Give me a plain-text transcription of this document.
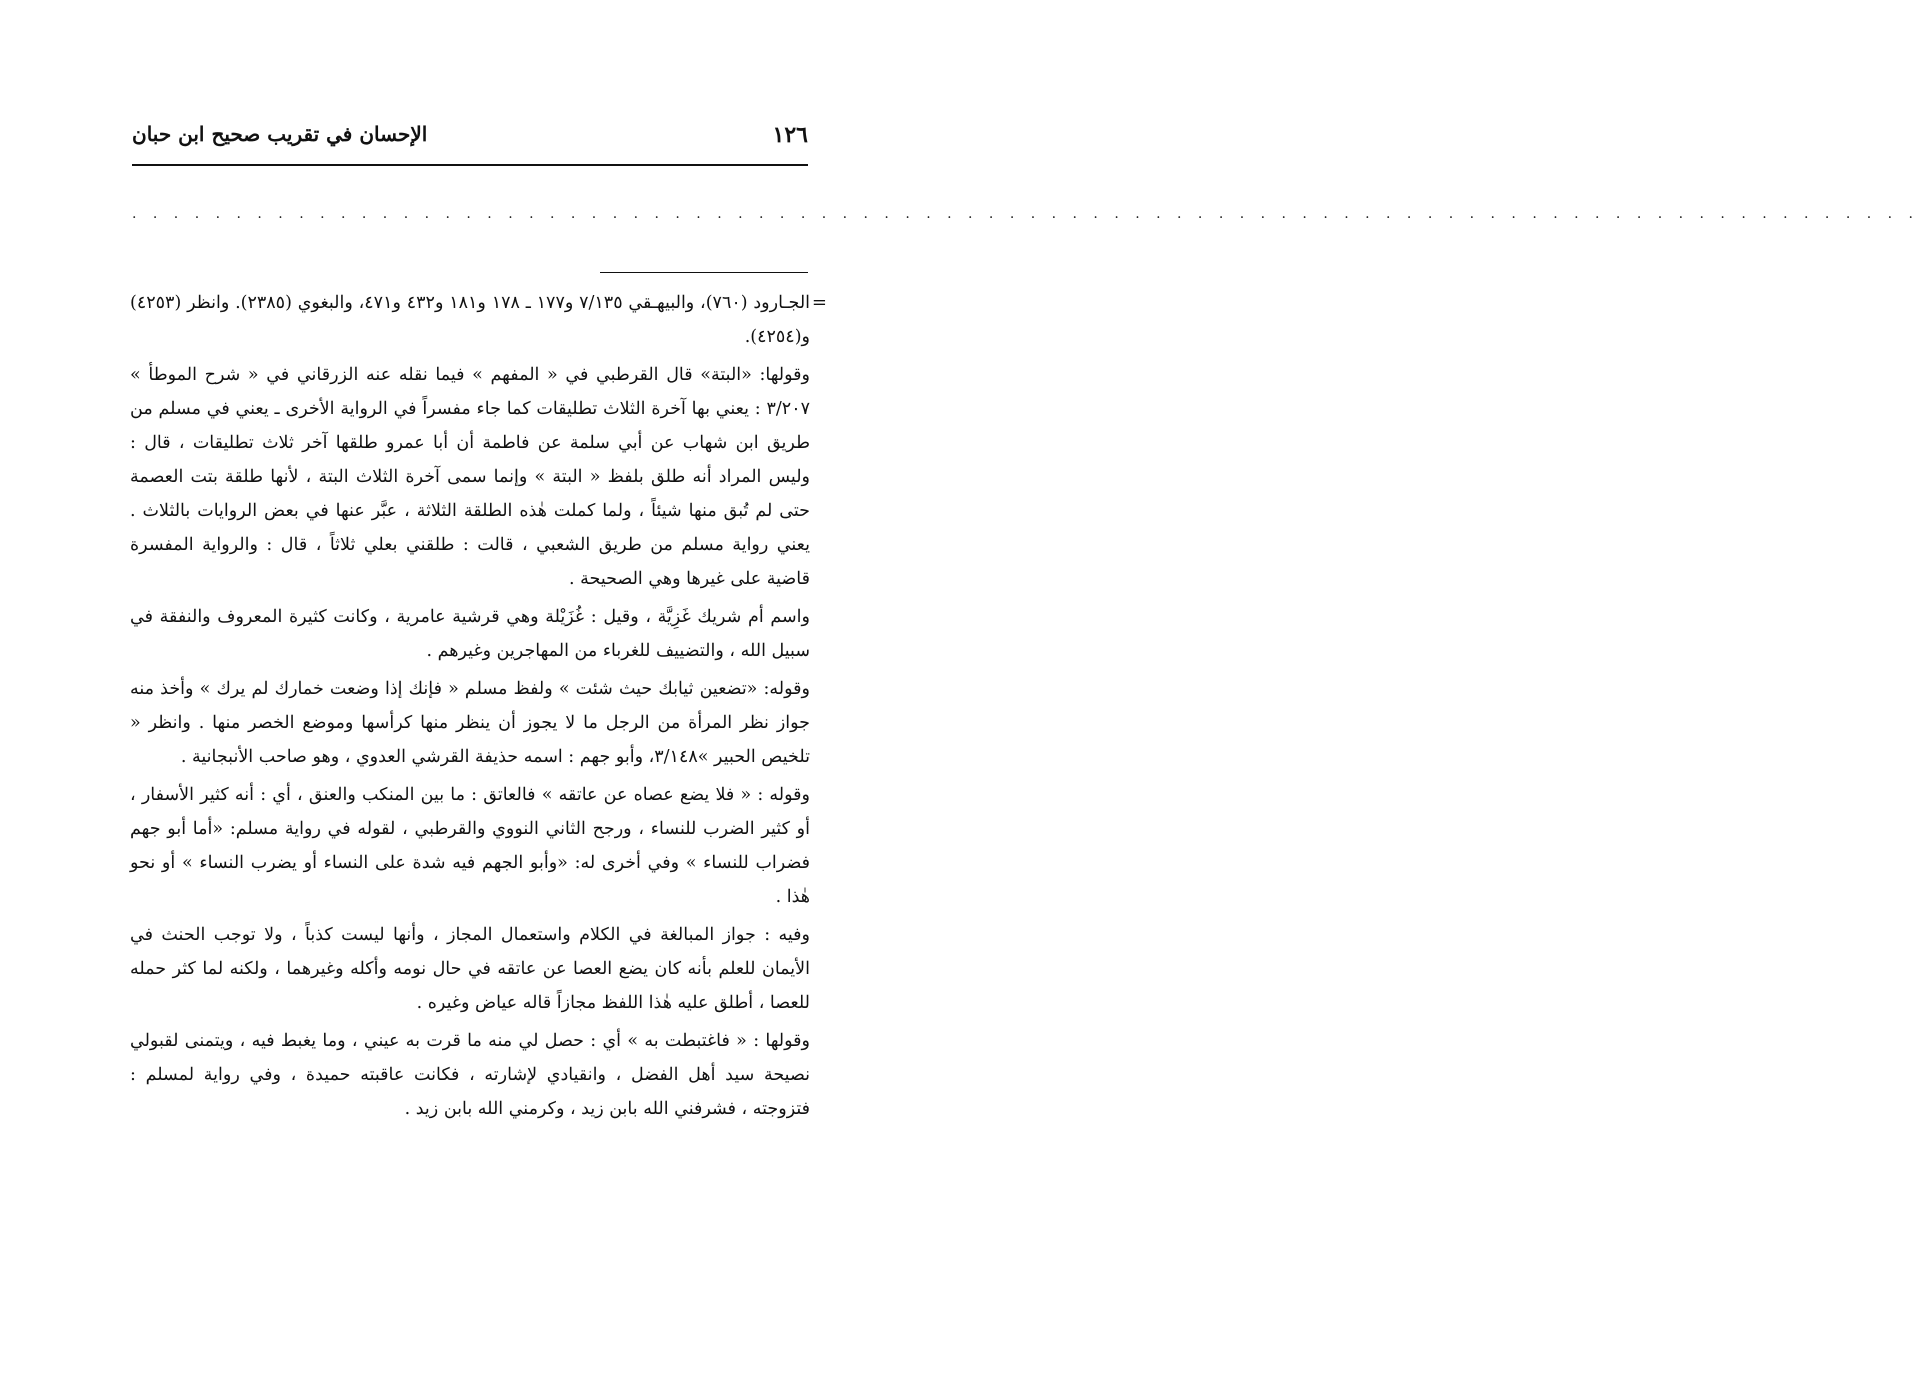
١٢٦
الإحسان في تقريب صحيح ابن حبان
. . . . . . . . . . . . . . . . . . . . . . . . . . . . . . . . . . . . . . . . . . . . . . . . . . . . . . . . . . . . . . . . . . . . . . . . . . . . . . . . . . . . . .
=

الجـارود (٧٦٠)، والبيهـقي ٧/١٣٥ و١٧٧ ـ ١٧٨ و١٨١ و٤٣٢ و٤٧١، والبغوي (٢٣٨٥). وانظر (٤٢٥٣) و(٤٢٥٤).

وقولها: «البتة» قال القرطبي في « المفهم » فيما نقله عنه الزرقاني في « شرح الموطأ » ٣/٢٠٧ : يعني بها آخرة الثلاث تطليقات كما جاء مفسراً في الرواية الأخرى ـ يعني في مسلم من طريق ابن شهاب عن أبي سلمة عن فاطمة أن أبا عمرو طلقها آخر ثلاث تطليقات ، قال : وليس المراد أنه طلق بلفظ « البتة » وإنما سمى آخرة الثلاث البتة ، لأنها طلقة بتت العصمة حتى لم تُبق منها شيئاً ، ولما كملت هٰذه الطلقة الثلاثة ، عبَّر عنها في بعض الروايات بالثلاث . يعني رواية مسلم من طريق الشعبي ، قالت : طلقني بعلي ثلاثاً ، قال : والرواية المفسرة قاضية على غيرها وهي الصحيحة .

واسم أم شريك غَزِيَّة ، وقيل : غُزَيْلة وهي قرشية عامرية ، وكانت كثيرة المعروف والنفقة في سبيل الله ، والتضييف للغرباء من المهاجرين وغيرهم .

وقوله: «تضعين ثيابك حيث شئت » ولفظ مسلم « فإنك إذا وضعت خمارك لم يرك » وأخذ منه جواز نظر المرأة من الرجل ما لا يجوز أن ينظر منها كرأسها وموضع الخصر منها . وانظر « تلخيص الحبير »٣/١٤٨، وأبو جهم : اسمه حذيفة القرشي العدوي ، وهو صاحب الأنبجانية .

وقوله : « فلا يضع عصاه عن عاتقه » فالعاتق : ما بين المنكب والعنق ، أي : أنه كثير الأسفار ، أو كثير الضرب للنساء ، ورجح الثاني النووي والقرطبي ، لقوله في رواية مسلم: «أما أبو جهم فضراب للنساء » وفي أخرى له: «وأبو الجهم فيه شدة على النساء أو يضرب النساء » أو نحو هٰذا .

وفيه : جواز المبالغة في الكلام واستعمال المجاز ، وأنها ليست كذباً ، ولا توجب الحنث في الأيمان للعلم بأنه كان يضع العصا عن عاتقه في حال نومه وأكله وغيرهما ، ولكنه لما كثر حمله للعصا ، أطلق عليه هٰذا اللفظ مجازاً قاله عياض وغيره .

وقولها : « فاغتبطت به » أي : حصل لي منه ما قرت به عيني ، وما يغبط فيه ، ويتمنى لقبولي نصيحة سيد أهل الفضل ، وانقيادي لإشارته ، فكانت عاقبته حميدة ، وفي رواية لمسلم : فتزوجته ، فشرفني الله بابن زيد ، وكرمني الله بابن زيد .
